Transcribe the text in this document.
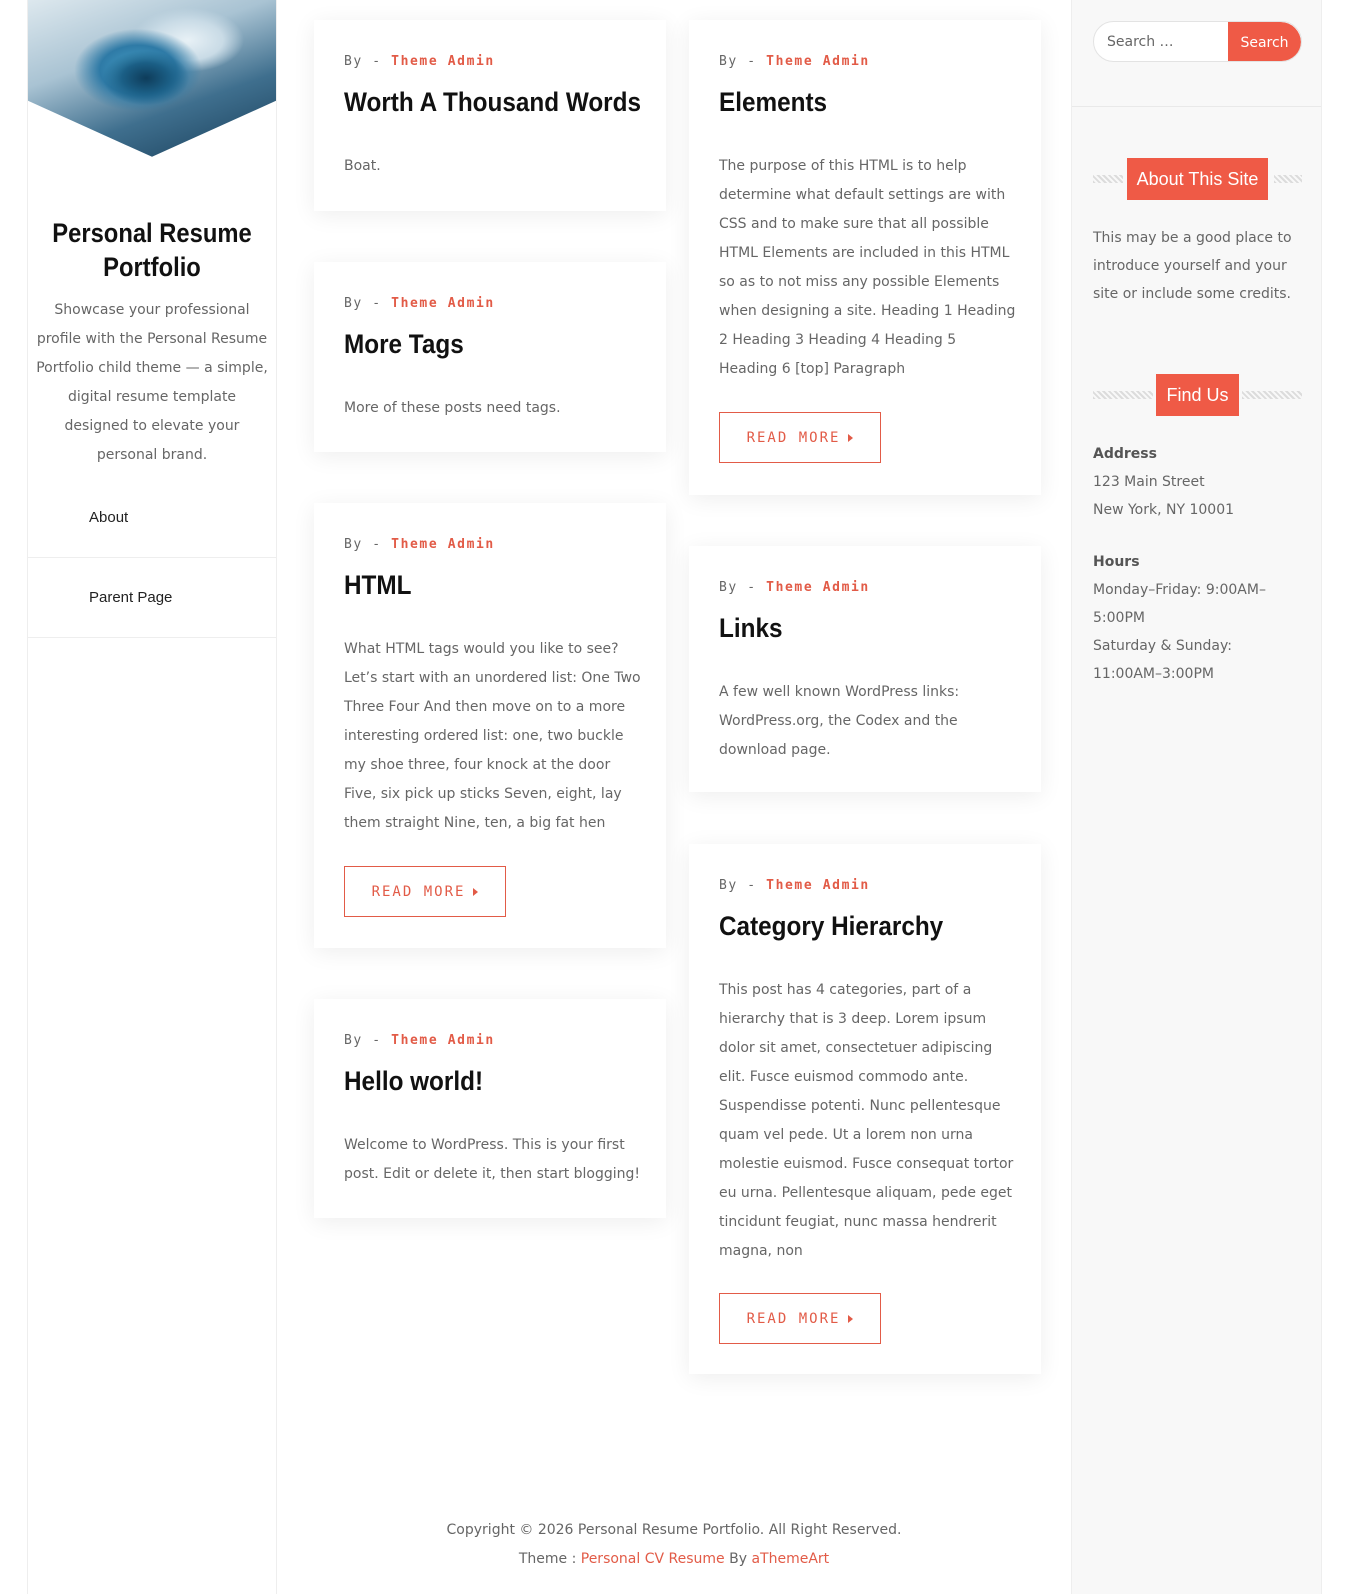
Personal Resume
Portfolio

Showcase your professional profile with the Personal Resume Portfolio child theme — a simple, digital resume template designed to elevate your personal brand.

About
Parent Page
By - Theme Admin
Worth A Thousand Words

Boat.

By - Theme Admin
More Tags

More of these posts need tags.

By - Theme Admin
HTML

What HTML tags would you like to see? Let’s start with an unordered list: One Two Three Four And then move on to a more interesting ordered list: one, two buckle my shoe three, four knock at the door Five, six pick up sticks Seven, eight, lay them straight Nine, ten, a big fat hen

READ MORE
By - Theme Admin
Hello world!

Welcome to WordPress. This is your first post. Edit or delete it, then start blogging!

By - Theme Admin
Elements

The purpose of this HTML is to help determine what default settings are with CSS and to make sure that all possible HTML Elements are included in this HTML so as to not miss any possible Elements when designing a site. Heading 1 Heading 2 Heading 3 Heading 4 Heading 5 Heading 6 [top] Paragraph

READ MORE
By - Theme Admin
Links

A few well known WordPress links: WordPress.org, the Codex and the download page.

By - Theme Admin
Category Hierarchy

This post has 4 categories, part of a hierarchy that is 3 deep. Lorem ipsum dolor sit amet, consectetuer adipiscing elit. Fusce euismod commodo ante. Suspendisse potenti. Nunc pellentesque quam vel pede. Ut a lorem non urna molestie euismod. Fusce consequat tortor eu urna. Pellentesque aliquam, pede eget tincidunt feugiat, nunc massa hendrerit magna, non

READ MORE
Search …
Search
About This Site

This may be a good place to introduce yourself and your site or include some credits.

Find Us
Address
123 Main Street
New York, NY 10001
Hours
Monday–Friday: 9:00AM–5:00PM
Saturday & Sunday: 11:00AM–3:00PM
Copyright © 2026 Personal Resume Portfolio. All Right Reserved.
Theme : Personal CV Resume By aThemeArt
